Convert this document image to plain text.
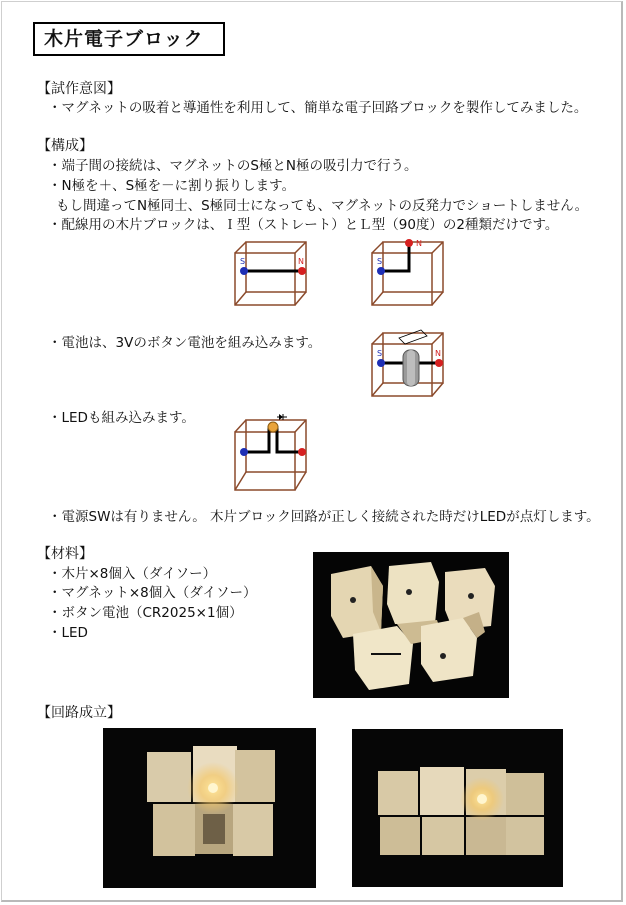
木片電子ブロック
【試作意図】
・マグネットの吸着と導通性を利用して、簡単な電子回路ブロックを製作してみました。
【構成】
・端子間の接続は、マグネットのS極とN極の吸引力で行う。
・N極を＋、S極を－に割り振りします。
もし間違ってN極同士、S極同士になっても、マグネットの反発力でショートしません。
・配線用の木片ブロックは、Ｉ型（ストレート）とＬ型（90度）の2種類だけです。
S	N	S
N
・電池は、3Vのボタン電池を組み込みます。
S	N
・LEDも組み込みます。
・電源SWは有りません。 木片ブロック回路が正しく接続された時だけLEDが点灯します。
【材料】
・木片×8個入（ダイソー）
・マグネット×8個入（ダイソー）
・ボタン電池（CR2025×1個）
・LED
【回路成立】
